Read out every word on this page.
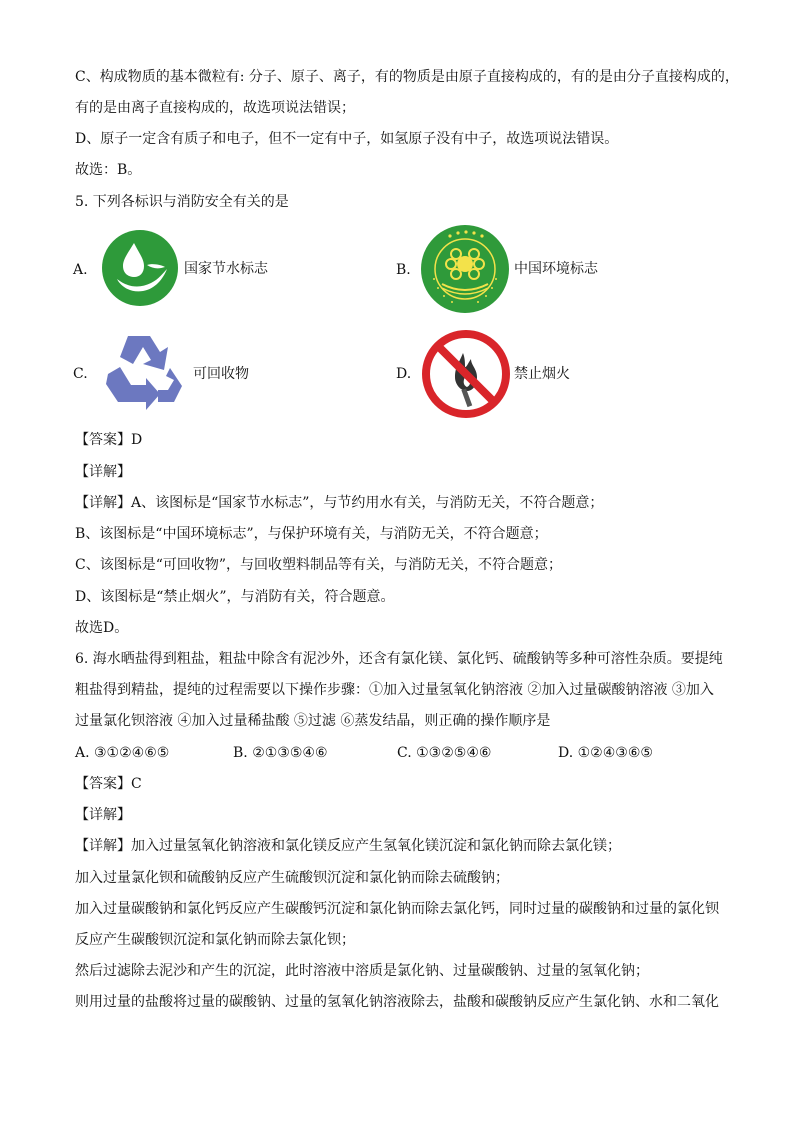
C、构成物质的基本微粒有: 分子、原子、离子，有的物质是由原子直接构成的，有的是由分子直接构成的，
有的是由离子直接构成的，故选项说法错误；
D、原子一定含有质子和电子，但不一定有中子，如氢原子没有中子，故选项说法错误。
故选：B。
5. 下列各标识与消防安全有关的是
A.	国家节水标志	B.	中国环境标志
C.	可回收物	D.	禁止烟火
【答案】D
【详解】
【详解】A、该图标是“国家节水标志”，与节约用水有关，与消防无关，不符合题意；
B、该图标是“中国环境标志”，与保护环境有关，与消防无关，不符合题意；
C、该图标是“可回收物”，与回收塑料制品等有关，与消防无关，不符合题意；
D、该图标是“禁止烟火”，与消防有关，符合题意。
故选D。
6. 海水晒盐得到粗盐，粗盐中除含有泥沙外，还含有氯化镁、氯化钙、硫酸钠等多种可溶性杂质。要提纯
粗盐得到精盐，提纯的过程需要以下操作步骤：①加入过量氢氧化钠溶液 ②加入过量碳酸钠溶液 ③加入
过量氯化钡溶液 ④加入过量稀盐酸 ⑤过滤 ⑥蒸发结晶，则正确的操作顺序是
A. ③①②④⑥⑤	B. ②①③⑤④⑥	C. ①③②⑤④⑥	D. ①②④③⑥⑤
【答案】C
【详解】
【详解】加入过量氢氧化钠溶液和氯化镁反应产生氢氧化镁沉淀和氯化钠而除去氯化镁；
加入过量氯化钡和硫酸钠反应产生硫酸钡沉淀和氯化钠而除去硫酸钠；
加入过量碳酸钠和氯化钙反应产生碳酸钙沉淀和氯化钠而除去氯化钙，同时过量的碳酸钠和过量的氯化钡
反应产生碳酸钡沉淀和氯化钠而除去氯化钡；
然后过滤除去泥沙和产生的沉淀，此时溶液中溶质是氯化钠、过量碳酸钠、过量的氢氧化钠；
则用过量的盐酸将过量的碳酸钠、过量的氢氧化钠溶液除去，盐酸和碳酸钠反应产生氯化钠、水和二氧化
